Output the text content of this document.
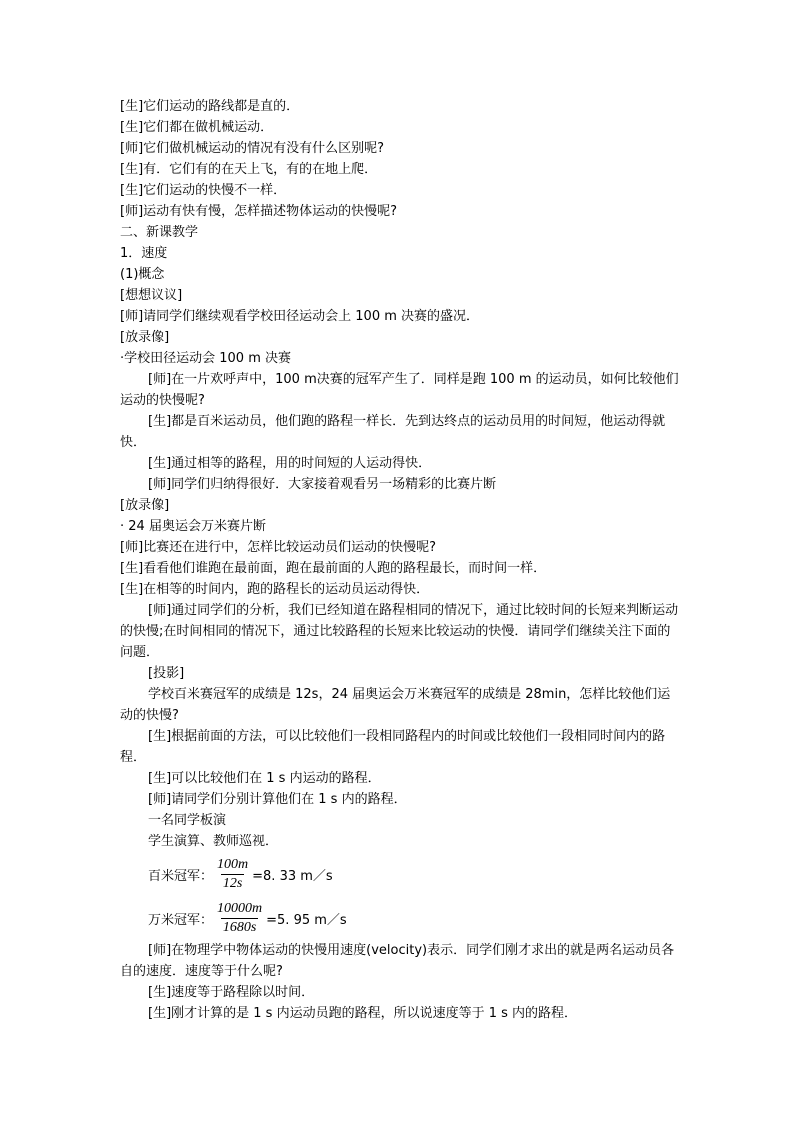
[生]它们运动的路线都是直的．
[生]它们都在做机械运动．
[师]它们做机械运动的情况有没有什么区别呢?
[生]有．它们有的在天上飞，有的在地上爬．
[生]它们运动的快慢不一样．
[师]运动有快有慢，怎样描述物体运动的快慢呢?
二、新课教学
1．速度
(1)概念
[想想议议]
[师]请同学们继续观看学校田径运动会上 100 m 决赛的盛况．
[放录像]
·学校田径运动会 100 m 决赛
[师]在一片欢呼声中，100 m决赛的冠军产生了．同样是跑 100 m 的运动员，如何比较他们运动的快慢呢?
[生]都是百米运动员，他们跑的路程一样长．先到达终点的运动员用的时间短，他运动得就快．
[生]通过相等的路程，用的时间短的人运动得快．
[师]同学们归纳得很好．大家接着观看另一场精彩的比赛片断
[放录像]
· 24 届奥运会万米赛片断
[师]比赛还在进行中，怎样比较运动员们运动的快慢呢?
[生]看看他们谁跑在最前面，跑在最前面的人跑的路程最长，而时间一样．
[生]在相等的时间内，跑的路程长的运动员运动得快．
[师]通过同学们的分析，我们已经知道在路程相同的情况下，通过比较时间的长短来判断运动的快慢;在时间相同的情况下，通过比较路程的长短来比较运动的快慢．请同学们继续关注下面的问题．
[投影]
学校百米赛冠军的成绩是 12s，24 届奥运会万米赛冠军的成绩是 28min，怎样比较他们运动的快慢?
[生]根据前面的方法，可以比较他们一段相同路程内的时间或比较他们一段相同时间内的路程．
[生]可以比较他们在 1 s 内运动的路程．
[师]请同学们分别计算他们在 1 s 内的路程．
一名同学板演
学生演算、教师巡视．
百米冠军： $\frac{100m}{12s} =8$. 33 m／s
万米冠军： $\frac{10000m}{1680s} =5$. 95 m／s
[师]在物理学中物体运动的快慢用速度(velocity)表示．同学们刚才求出的就是两名运动员各自的速度．速度等于什么呢?
[生]速度等于路程除以时间．
[生]刚才计算的是 1 s 内运动员跑的路程，所以说速度等于 1 s 内的路程．
